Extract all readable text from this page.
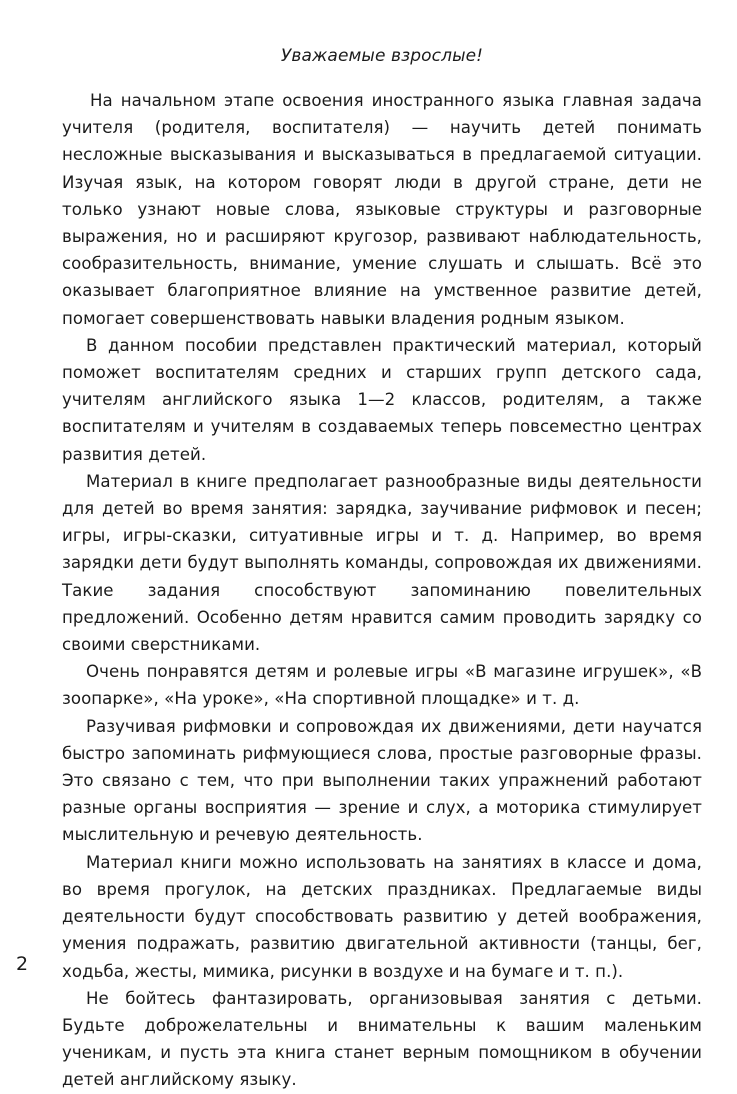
Уважаемые взрослые!

На начальном этапе освоения иностранного языка главная задача учителя (родителя, воспитателя) — научить детей понимать несложные высказывания и высказываться в предлагаемой ситуации. Изучая язык, на котором говорят люди в другой стране, дети не только узнают новые слова, языковые структуры и разговорные выражения, но и расширяют кругозор, развивают наблюдательность, сообразительность, внимание, умение слушать и слышать. Всё это оказывает благоприятное влияние на умственное развитие детей, помогает совершенствовать навыки владения родным языком.

В данном пособии представлен практический материал, который поможет воспитателям средних и старших групп детского сада, учителям английского языка 1—2 классов, родителям, а также воспитателям и учителям в создаваемых теперь повсеместно центрах развития детей.

Материал в книге предполагает разнообразные виды деятельности для детей во время занятия: зарядка, заучивание рифмовок и песен; игры, игры-сказки, ситуативные игры и т. д. Например, во время зарядки дети будут выполнять команды, сопровождая их движениями. Такие задания способствуют запоминанию повелительных предложений. Особенно детям нравится самим проводить зарядку со своими сверстниками.

Очень понравятся детям и ролевые игры «В магазине игрушек», «В зоопарке», «На уроке», «На спортивной площадке» и т. д.

Разучивая рифмовки и сопровождая их движениями, дети научатся быстро запоминать рифмующиеся слова, простые разговорные фразы. Это связано с тем, что при выполнении таких упражнений работают разные органы восприятия — зрение и слух, а моторика стимулирует мыслительную и речевую деятельность.

Материал книги можно использовать на занятиях в классе и дома, во время прогулок, на детских праздниках. Предлагаемые виды деятельности будут способствовать развитию у детей воображения, умения подражать, развитию двигательной активности (танцы, бег, ходьба, жесты, мимика, рисунки в воздухе и на бумаге и т. п.).

Не бойтесь фантазировать, организовывая занятия с детьми. Будьте доброжелательны и внимательны к вашим маленьким ученикам, и пусть эта книга станет верным помощником в обучении детей английскому языку.

2
